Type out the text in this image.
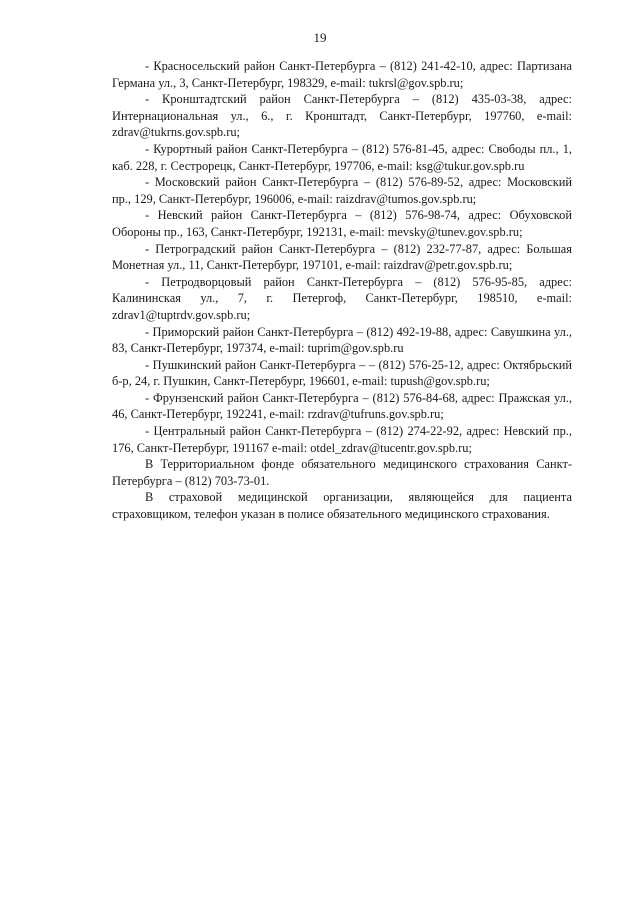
19

- Красносельский район Санкт-Петербурга – (812) 241-42-10, адрес: Партизана Германа ул., 3, Санкт-Петербург, 198329, e-mail: tukrsl@gov.spb.ru;

- Кронштадтский район Санкт-Петербурга – (812) 435-03-38, адрес: Интернациональная ул., 6., г. Кронштадт, Санкт-Петербург, 197760, e-mail: zdrav@tukrns.gov.spb.ru;

- Курортный район Санкт-Петербурга – (812) 576-81-45, адрес: Свободы пл., 1, каб. 228, г. Сестрорецк, Санкт-Петербург, 197706, e-mail: ksg@tukur.gov.spb.ru

- Московский район Санкт-Петербурга – (812) 576-89-52, адрес: Московский пр., 129, Санкт-Петербург, 196006, e-mail: raizdrav@tumos.gov.spb.ru;

- Невский район Санкт-Петербурга – (812) 576-98-74, адрес: Обуховской Обороны пр., 163, Санкт-Петербург, 192131, e-mail: mevsky@tunev.gov.spb.ru;

- Петроградский район Санкт-Петербурга – (812) 232-77-87, адрес: Большая Монетная ул., 11, Санкт-Петербург, 197101, e-mail: raizdrav@petr.gov.spb.ru;

- Петродворцовый район Санкт-Петербурга – (812) 576-95-85, адрес: Калининская ул., 7, г. Петергоф, Санкт-Петербург, 198510, e-mail: zdrav1@tuptrdv.gov.spb.ru;

- Приморский район Санкт-Петербурга – (812) 492-19-88, адрес: Савушкина ул., 83, Санкт-Петербург, 197374, e-mail: tuprim@gov.spb.ru

- Пушкинский район Санкт-Петербурга – – (812) 576-25-12, адрес: Октябрьский б-р, 24, г. Пушкин, Санкт-Петербург, 196601, e-mail: tupush@gov.spb.ru;

- Фрунзенский район Санкт-Петербурга – (812) 576-84-68, адрес: Пражская ул., 46, Санкт-Петербург, 192241, e-mail: rzdrav@tufruns.gov.spb.ru;

- Центральный район Санкт-Петербурга – (812) 274-22-92, адрес: Невский пр., 176, Санкт-Петербург, 191167 e-mail: otdel_zdrav@tucentr.gov.spb.ru;

В Территориальном фонде обязательного медицинского страхования Санкт-Петербурга – (812) 703-73-01.

В страховой медицинской организации, являющейся для пациента страховщиком, телефон указан в полисе обязательного медицинского страхования.
